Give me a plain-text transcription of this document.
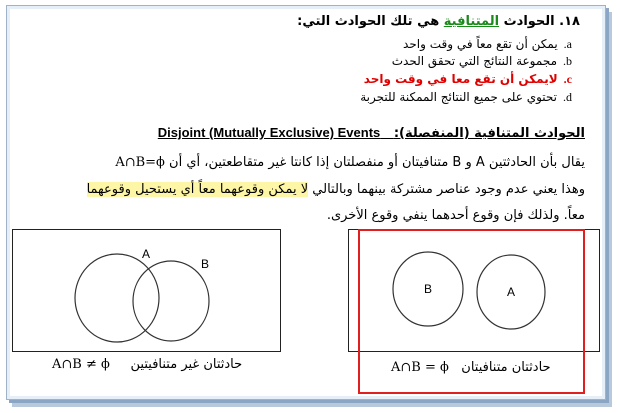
١٨. الحوادث المتنافية هي تلك الحوادث التي:
a.يمكن أن تقع معاً في وقت واحد
b.مجموعة النتائج التي تحقق الحدث
c.لايمكن أن تقع معا في وقت واحد
d.تحتوي على جميع النتائج الممكنة للتجربة
Disjoint (Mutually Exclusive) Events الحوادث المتنافية (المنفصلة):
يقال بأن الحادثتين A و B متنافيتان أو منفصلتان إذا كانتا غير متقاطعتين، أي أن A∩B=ϕ
وهذا يعني عدم وجود عناصر مشتركة بينهما وبالتالي لا يمكن وقوعهما معاً أي يستحيل وقوعهما
معاً. ولذلك فإن وقوع أحدهما ينفي وقوع الأخرى.
A
B
A∩B ≠ ϕ حادثتان غير متنافيتين
B	A
A∩B = ϕ حادثتان متنافيتان
